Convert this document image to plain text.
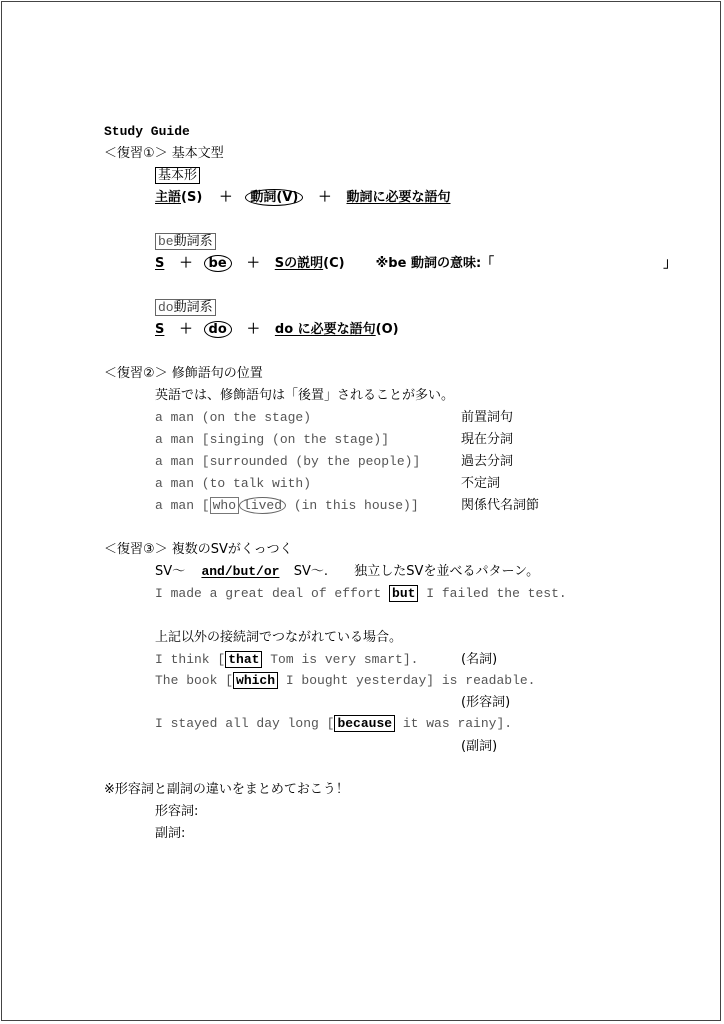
Study Guide
＜復習①＞ 基本文型
基本形
主語(S) ＋ 動詞(V) ＋ 動詞に必要な語句
be動詞系
S ＋ be ＋ Sの説明(C) ※be 動詞の意味:「	」
do動詞系
S ＋ do ＋ do に必要な語句(O)
＜復習②＞ 修飾語句の位置
英語では、修飾語句は「後置」されることが多い。
a man (on the stage)	前置詞句
a man [singing (on the stage)]	現在分詞
a man [surrounded (by the people)]	過去分詞
a man (to talk with)	不定詞
a man [ who lived (in this house)]	関係代名詞節
＜復習③＞ 複数のSVがくっつく
SV～ and/but/or SV～. 独立したSVを並べるパターン。
I made a great deal of effort but I failed the test.
上記以外の接続詞でつながれている場合。
I think [ that Tom is very smart].	(名詞)
The book [ which I bought yesterday] is readable.
(形容詞)
I stayed all day long [ because it was rainy].
(副詞)
※形容詞と副詞の違いをまとめておこう！
形容詞:
副詞:
